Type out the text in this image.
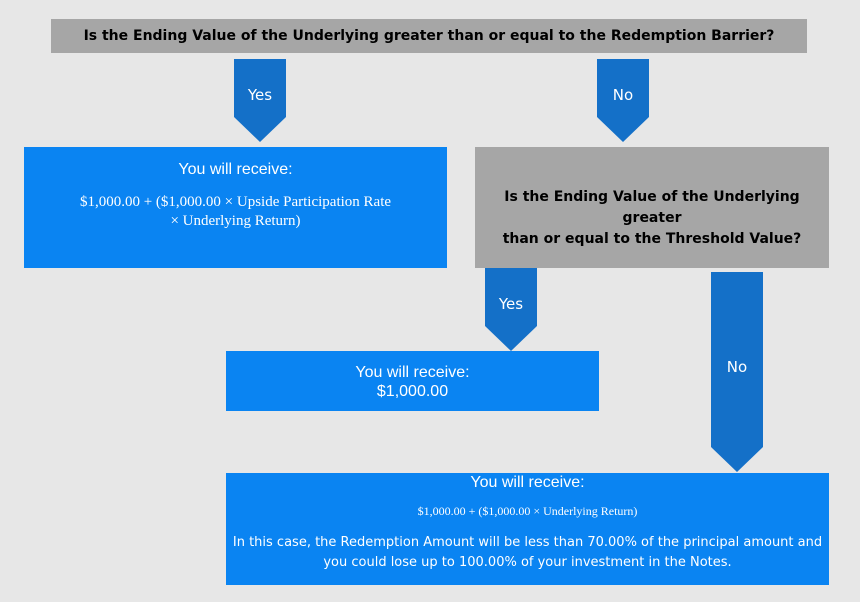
Is the Ending Value of the Underlying greater than or equal to the Redemption Barrier?
Yes	No
You will receive:
$1,000.00 + ($1,000.00 × Upside Participation Rate
× Underlying Return)
Is the Ending Value of the Underlying greater
than or equal to the Threshold Value?
Yes
No
You will receive:
$1,000.00
You will receive:
$1,000.00 + ($1,000.00 × Underlying Return)
In this case, the Redemption Amount will be less than 70.00% of the principal amount and
you could lose up to 100.00% of your investment in the Notes.
